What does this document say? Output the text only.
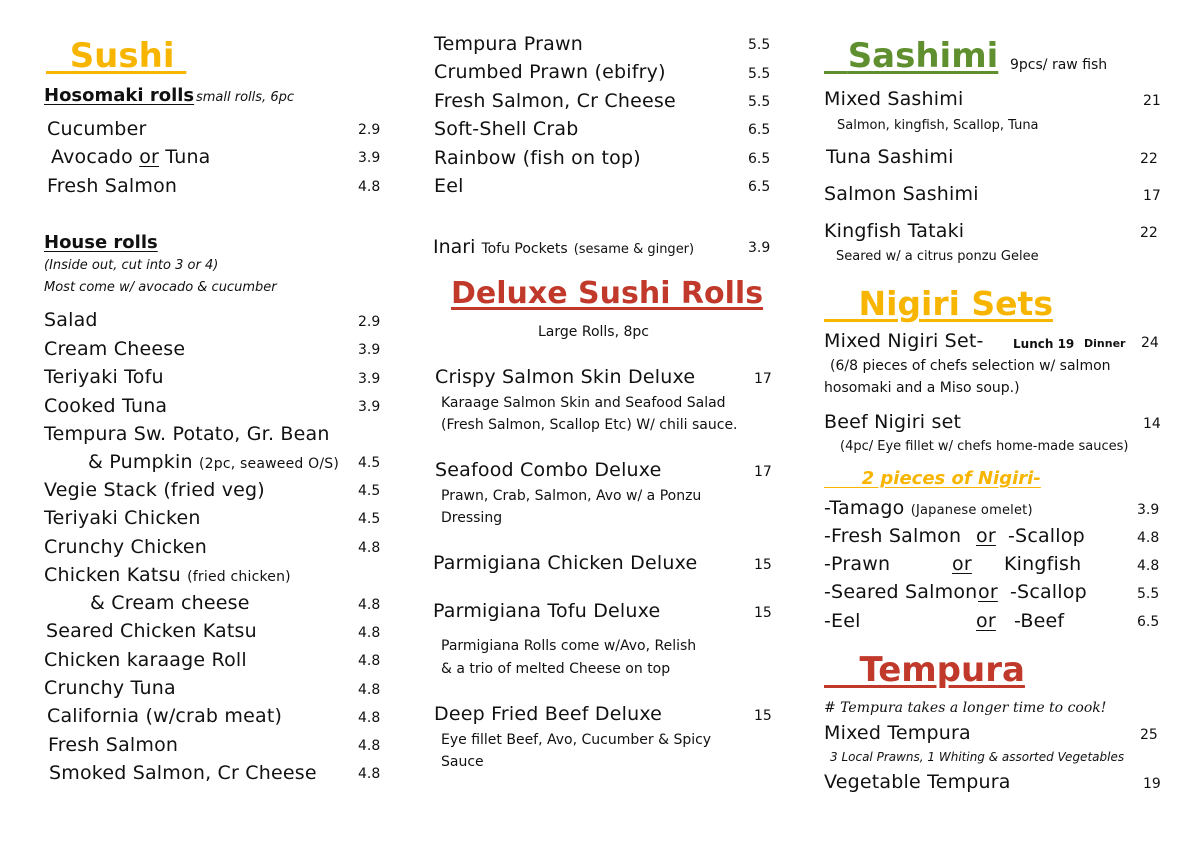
Sushi
Hosomaki rolls small rolls, 6pc
Cucumber	2.9
Avocado or Tuna	3.9
Fresh Salmon	4.8
House rolls
(Inside out, cut into 3 or 4)
Most come w/ avocado & cucumber
Salad	2.9
Cream Cheese	3.9
Teriyaki Tofu	3.9
Cooked Tuna	3.9
Tempura Sw. Potato, Gr. Bean
& Pumpkin (2pc, seaweed O/S) 4.5
Vegie Stack (fried veg)	4.5
Teriyaki Chicken	4.5
Crunchy Chicken	4.8
Chicken Katsu (fried chicken)
& Cream cheese	4.8
Seared Chicken Katsu	4.8
Chicken karaage Roll	4.8
Crunchy Tuna	4.8
California (w/crab meat)	4.8
Fresh Salmon	4.8
Smoked Salmon, Cr Cheese	4.8
Tempura Prawn	5.5
Crumbed Prawn (ebifry)	5.5
Fresh Salmon, Cr Cheese	5.5
Soft-Shell Crab	6.5
Rainbow (fish on top)	6.5
Eel	6.5
Inari Tofu Pockets (sesame & ginger)	3.9
Deluxe Sushi Rolls
Large Rolls, 8pc
Crispy Salmon Skin Deluxe	17
Karaage Salmon Skin and Seafood Salad
(Fresh Salmon, Scallop Etc) W/ chili sauce.
Seafood Combo Deluxe	17
Prawn, Crab, Salmon, Avo w/ a Ponzu
Dressing
Parmigiana Chicken Deluxe	15
Parmigiana Tofu Deluxe	15
Parmigiana Rolls come w/Avo, Relish
& a trio of melted Cheese on top
Deep Fried Beef Deluxe	15
Eye fillet Beef, Avo, Cucumber & Spicy
Sauce
Sashimi 9pcs/ raw fish
Mixed Sashimi	21
Salmon, kingfish, Scallop, Tuna
Tuna Sashimi	22
Salmon Sashimi	17
Kingfish Tataki	22
Seared w/ a citrus ponzu Gelee
Nigiri Sets
Mixed Nigiri Set- Lunch 19 Dinner 24
(6/8 pieces of chefs selection w/ salmon
hosomaki and a Miso soup.)
Beef Nigiri set	14
(4pc/ Eye fillet w/ chefs home-made sauces)
2 pieces of Nigiri-
-Tamago (Japanese omelet)	3.9
-Fresh Salmon or -Scallop	4.8
-Prawn	or Kingfish	4.8
-Seared Salmon or -Scallop	5.5
-Eel	or -Beef	6.5
Tempura
# Tempura takes a longer time to cook!
Mixed Tempura	25
3 Local Prawns, 1 Whiting & assorted Vegetables
Vegetable Tempura	19
